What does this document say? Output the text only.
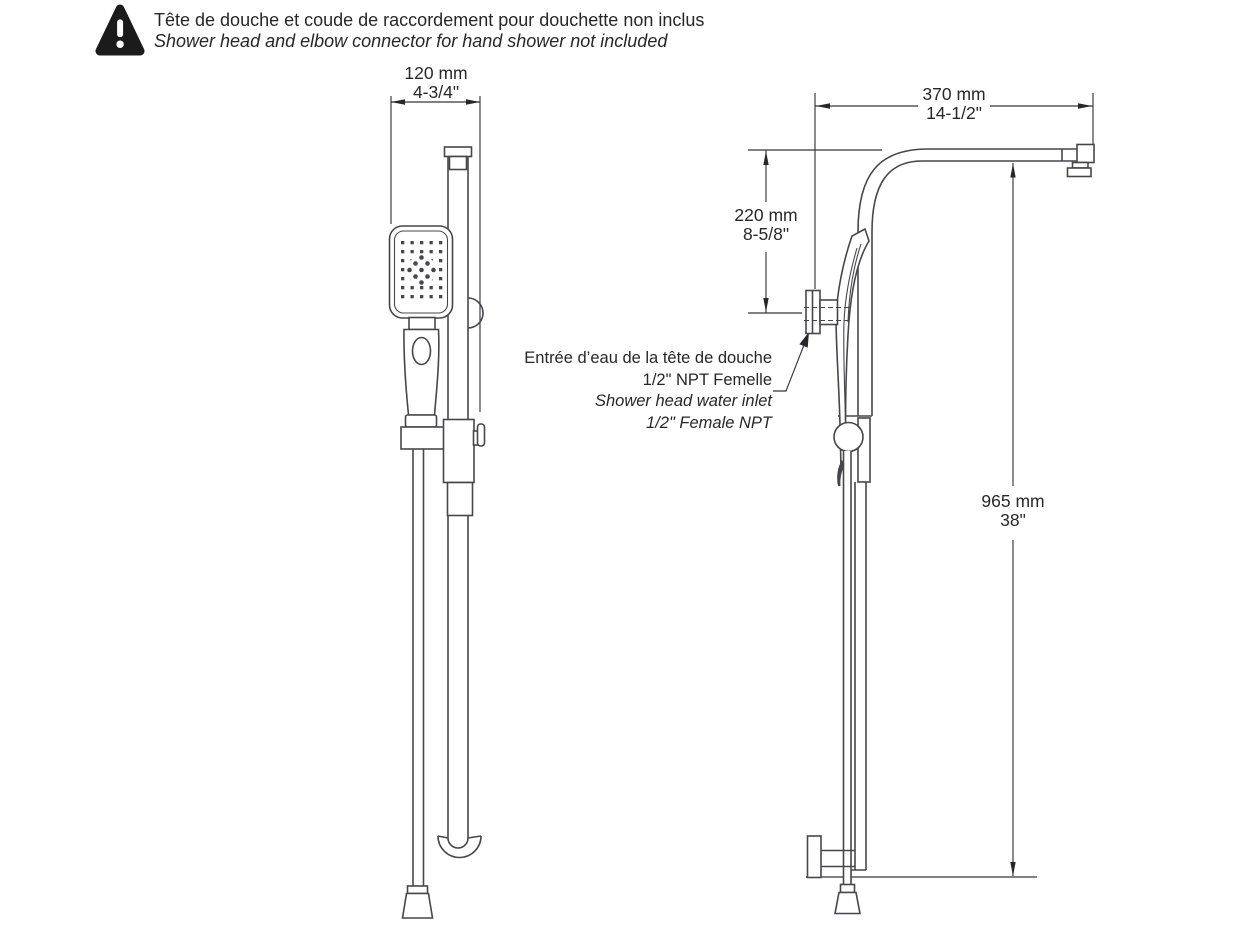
Tête de douche et coude de raccordement pour douchette non inclus
Shower head and elbow connector for hand shower not included
120 mm
4-3/4"	370 mm
14-1/2"
220 mm
8-5/8"
965 mm
38"
Entrée d’eau de la tête de douche
1/2" NPT Femelle
Shower head water inlet
1/2" Female NPT
